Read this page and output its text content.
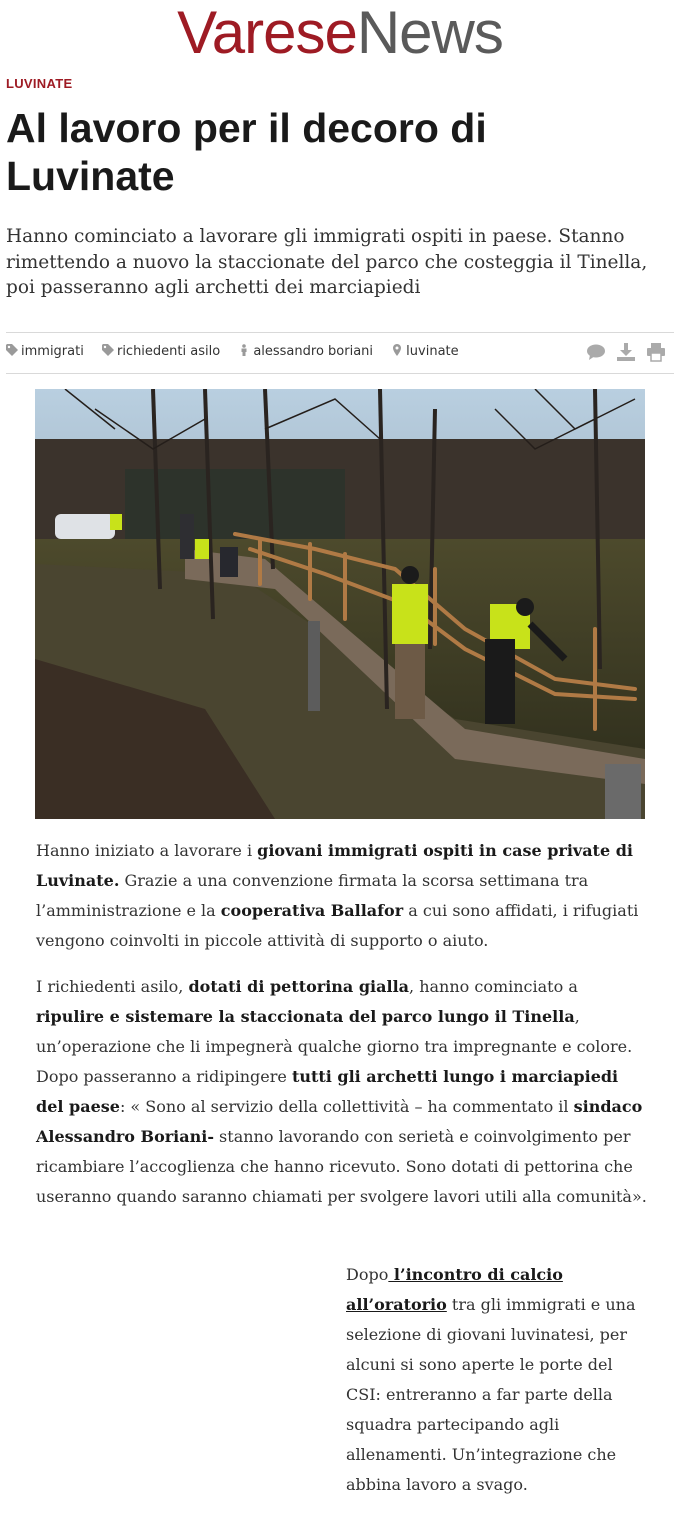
VareseNews
LUVINATE
Al lavoro per il decoro di Luvinate

Hanno cominciato a lavorare gli immigrati ospiti in paese. Stanno rimettendo a nuovo la staccionate del parco che costeggia il Tinella, poi passeranno agli archetti dei marciapiedi

immigrati	richiedenti asilo	alessandro boriani	luvinate

Hanno iniziato a lavorare i giovani immigrati ospiti in case private di Luvinate. Grazie a una convenzione firmata la scorsa settimana tra l’amministrazione e la cooperativa Ballafor a cui sono affidati, i rifugiati vengono coinvolti in piccole attività di supporto o aiuto.

I richiedenti asilo, dotati di pettorina gialla, hanno cominciato a ripulire e sistemare la staccionata del parco lungo il Tinella, un’operazione che li impegnerà qualche giorno tra impregnante e colore. Dopo passeranno a ridipingere tutti gli archetti lungo i marciapiedi del paese: « Sono al servizio della collettività – ha commentato il sindaco Alessandro Boriani- stanno lavorando con serietà e coinvolgimento per ricambiare l’accoglienza che hanno ricevuto. Sono dotati di pettorina che useranno quando saranno chiamati per svolgere lavori utili alla comunità».

Dopo l’incontro di calcio all’oratorio tra gli immigrati e una selezione di giovani luvinatesi, per alcuni si sono aperte le porte del CSI: entreranno a far parte della squadra partecipando agli allenamenti. Un’integrazione che abbina lavoro a svago.
